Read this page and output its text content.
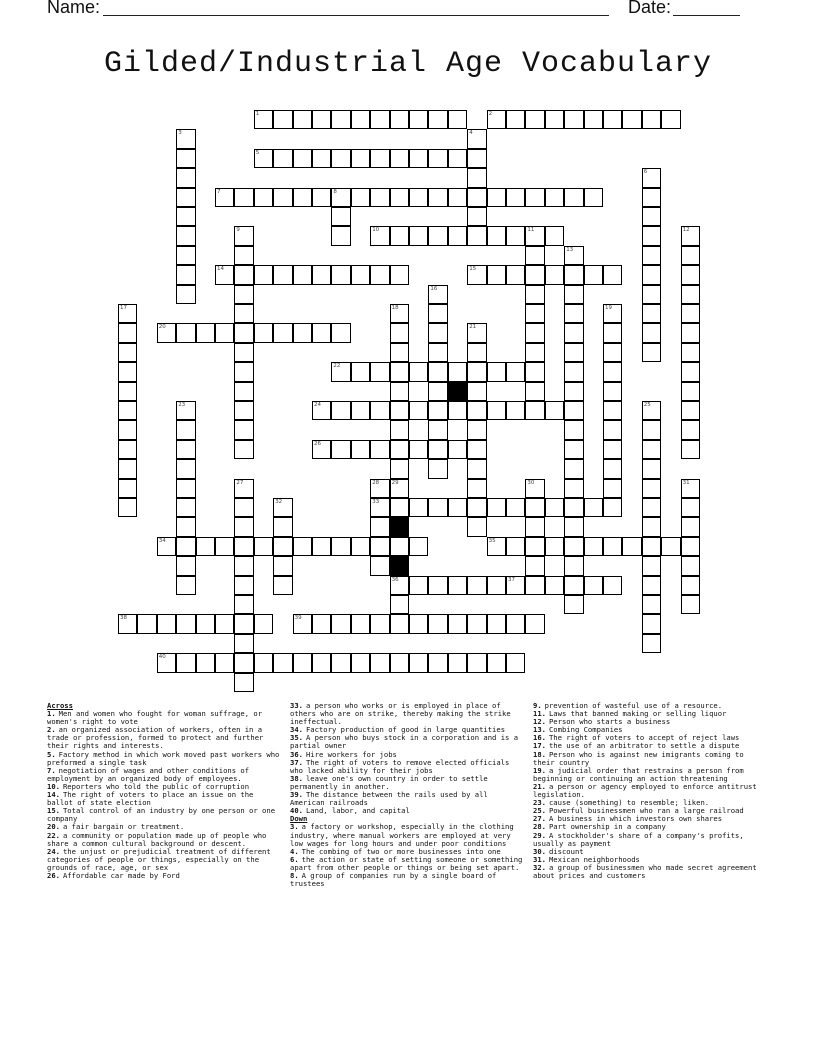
Name:	Date:
Gilded/Industrial Age Vocabulary
1	2
5
7	8
10	11
14	15
20
22
24
26
33
34	35
36	37
38	39
40
3	4
6
9	12
13
16
17	18
29
19
21
23	25
27	28	30	31
32
Across
1. Men and women who fought for woman suffrage, or women's right to vote
2. an organized association of workers, often in a trade or profession, formed to protect and further their rights and interests.
5. Factory method in which work moved past workers who preformed a single task
7. negotiation of wages and other conditions of employment by an organized body of employees.
10. Reporters who told the public of corruption
14. The right of voters to place an issue on the ballot of state election
15. Total control of an industry by one person or one company
20. a fair bargain or treatment.
22. a community or population made up of people who share a common cultural background or descent.
24. the unjust or prejudicial treatment of different categories of people or things, especially on the grounds of race, age, or sex
26. Affordable car made by Ford
33. a person who works or is employed in place of others who are on strike, thereby making the strike ineffectual.
34. Factory production of good in large quantities
35. A person who buys stock in a corporation and is a partial owner
36. Hire workers for jobs
37. The right of voters to remove elected officials who lacked ability for their jobs
38. leave one's own country in order to settle permanently in another.
39. The distance between the rails used by all American railroads
40. Land, labor, and capital
Down
3. a factory or workshop, especially in the clothing industry, where manual workers are employed at very low wages for long hours and under poor conditions
4. The combing of two or more businesses into one
6. the action or state of setting someone or something apart from other people or things or being set apart.
8. A group of companies run by a single board of trustees
9. prevention of wasteful use of a resource.
11. Laws that banned making or selling liquor
12. Person who starts a business
13. Combing Companies
16. The right of voters to accept of reject laws
17. the use of an arbitrator to settle a dispute
18. Person who is against new imigrants coming to their country
19. a judicial order that restrains a person from beginning or continuing an action threatening
21. a person or agency employed to enforce antitrust legislation.
23. cause (something) to resemble; liken.
25. Powerful businessmen who ran a large railroad
27. A business in which investors own shares
28. Part ownership in a company
29. A stockholder's share of a company's profits, usually as payment
30. discount
31. Mexican neighborhoods
32. a group of businessmen who made secret agreement about prices and customers
